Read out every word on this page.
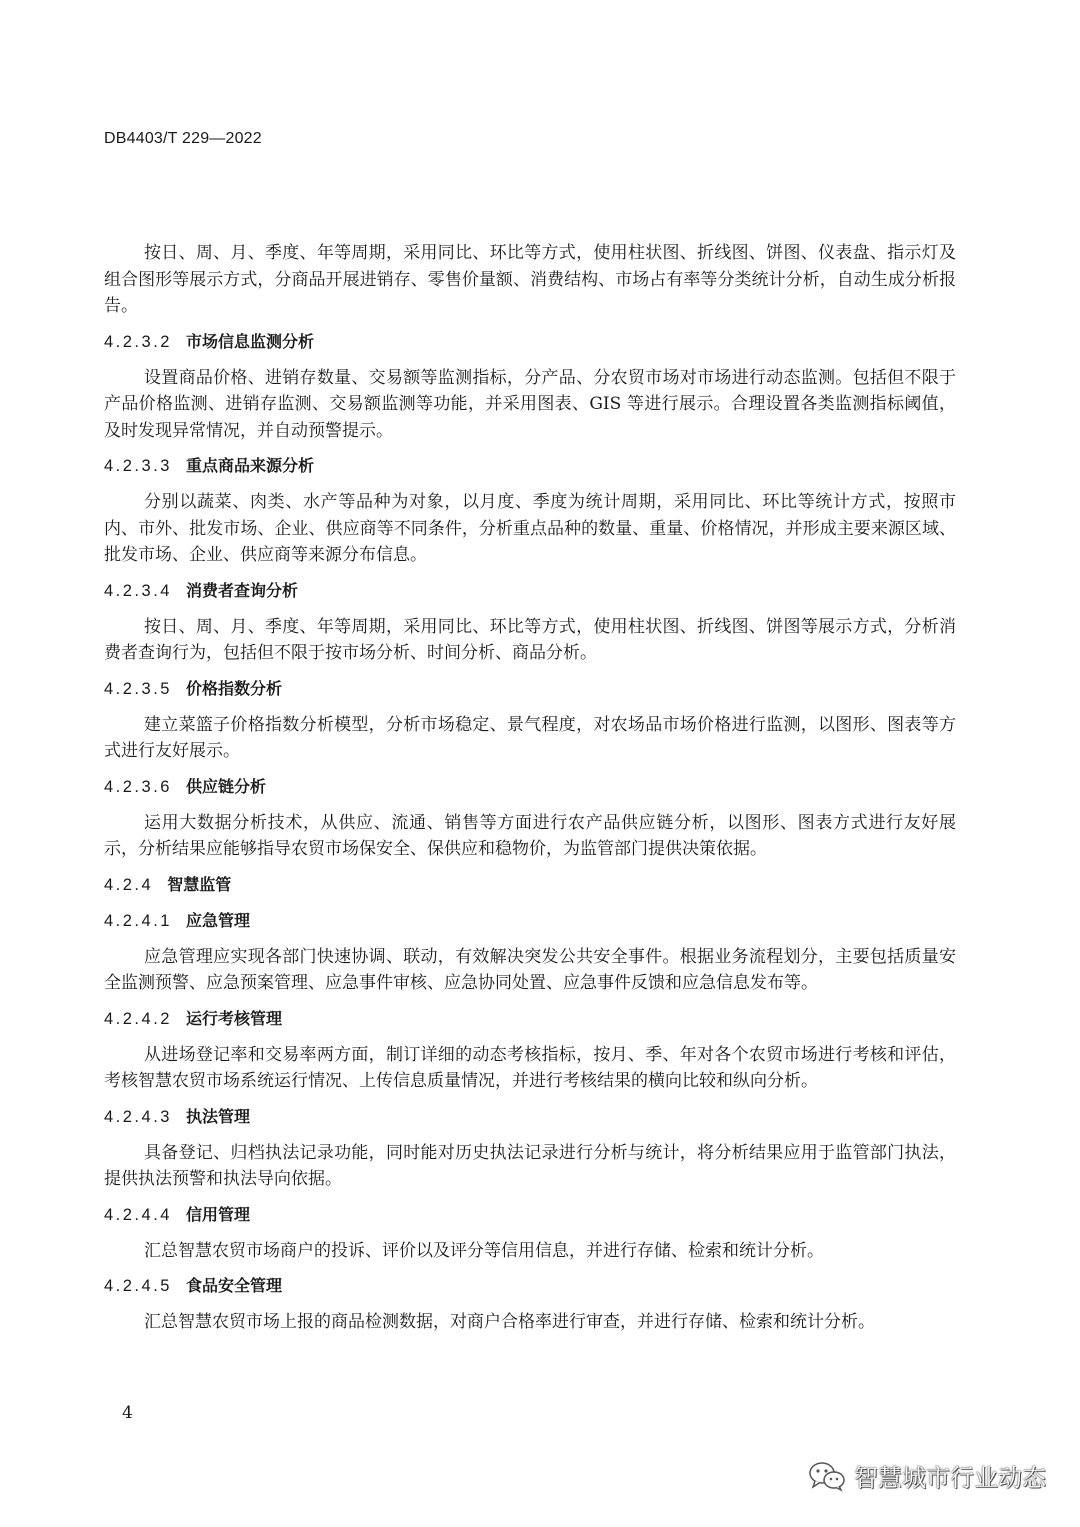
DB4403/T 229—2022

按日、周、月、季度、年等周期，采用同比、环比等方式，使用柱状图、折线图、饼图、仪表盘、指示灯及组合图形等展示方式，分商品开展进销存、零售价量额、消费结构、市场占有率等分类统计分析，自动生成分析报告。

4.2.3.2 市场信息监测分析

设置商品价格、进销存数量、交易额等监测指标，分产品、分农贸市场对市场进行动态监测。包括但不限于产品价格监测、进销存监测、交易额监测等功能，并采用图表、GIS 等进行展示。合理设置各类监测指标阈值，及时发现异常情况，并自动预警提示。

4.2.3.3 重点商品来源分析

分别以蔬菜、肉类、水产等品种为对象，以月度、季度为统计周期，采用同比、环比等统计方式，按照市内、市外、批发市场、企业、供应商等不同条件，分析重点品种的数量、重量、价格情况，并形成主要来源区域、批发市场、企业、供应商等来源分布信息。

4.2.3.4 消费者查询分析

按日、周、月、季度、年等周期，采用同比、环比等方式，使用柱状图、折线图、饼图等展示方式，分析消费者查询行为，包括但不限于按市场分析、时间分析、商品分析。

4.2.3.5 价格指数分析

建立菜篮子价格指数分析模型，分析市场稳定、景气程度，对农场品市场价格进行监测，以图形、图表等方式进行友好展示。

4.2.3.6 供应链分析

运用大数据分析技术，从供应、流通、销售等方面进行农产品供应链分析，以图形、图表方式进行友好展示，分析结果应能够指导农贸市场保安全、保供应和稳物价，为监管部门提供决策依据。

4.2.4 智慧监管
4.2.4.1 应急管理

应急管理应实现各部门快速协调、联动，有效解决突发公共安全事件。根据业务流程划分，主要包括质量安全监测预警、应急预案管理、应急事件审核、应急协同处置、应急事件反馈和应急信息发布等。

4.2.4.2 运行考核管理

从进场登记率和交易率两方面，制订详细的动态考核指标，按月、季、年对各个农贸市场进行考核和评估，考核智慧农贸市场系统运行情况、上传信息质量情况，并进行考核结果的横向比较和纵向分析。

4.2.4.3 执法管理

具备登记、归档执法记录功能，同时能对历史执法记录进行分析与统计，将分析结果应用于监管部门执法，提供执法预警和执法导向依据。

4.2.4.4 信用管理

汇总智慧农贸市场商户的投诉、评价以及评分等信用信息，并进行存储、检索和统计分析。

4.2.4.5 食品安全管理

汇总智慧农贸市场上报的商品检测数据，对商户合格率进行审查，并进行存储、检索和统计分析。

4
智慧城市行业动态
